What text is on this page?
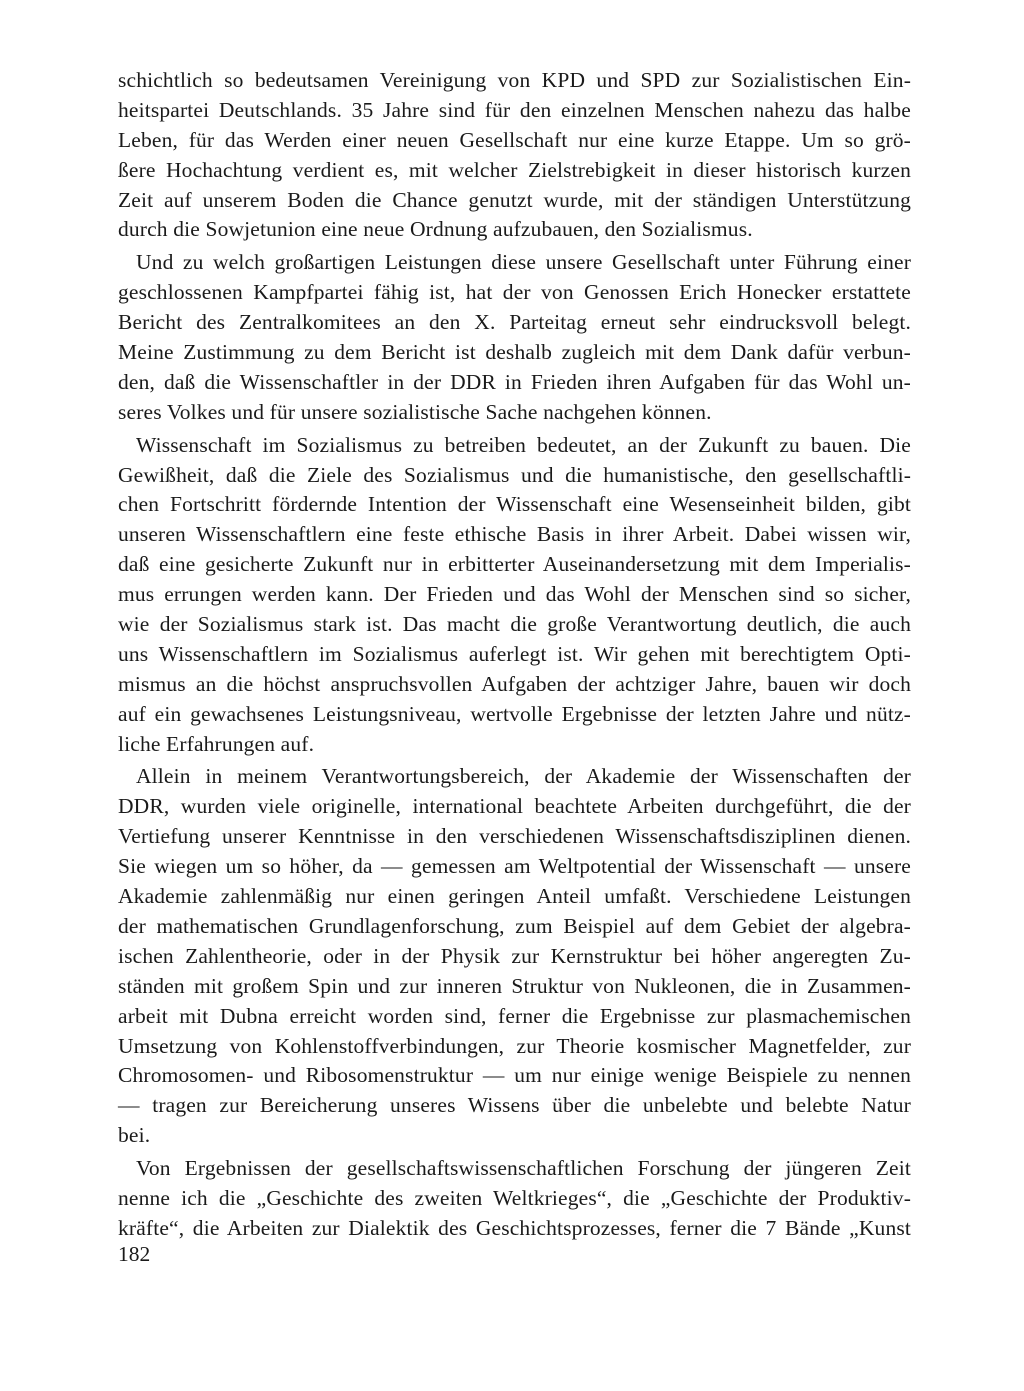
schichtlich so bedeutsamen Vereinigung von KPD und SPD zur Sozialistischen Ein-
heitspartei Deutschlands. 35 Jahre sind für den einzelnen Menschen nahezu das halbe
Leben, für das Werden einer neuen Gesellschaft nur eine kurze Etappe. Um so grö-
ßere Hochachtung verdient es, mit welcher Zielstrebigkeit in dieser historisch kurzen
Zeit auf unserem Boden die Chance genutzt wurde, mit der ständigen Unterstützung
durch die Sowjetunion eine neue Ordnung aufzubauen, den Sozialismus.
Und zu welch großartigen Leistungen diese unsere Gesellschaft unter Führung einer
geschlossenen Kampfpartei fähig ist, hat der von Genossen Erich Honecker erstattete
Bericht des Zentralkomitees an den X. Parteitag erneut sehr eindrucksvoll belegt.
Meine Zustimmung zu dem Bericht ist deshalb zugleich mit dem Dank dafür verbun-
den, daß die Wissenschaftler in der DDR in Frieden ihren Aufgaben für das Wohl un-
seres Volkes und für unsere sozialistische Sache nachgehen können.
Wissenschaft im Sozialismus zu betreiben bedeutet, an der Zukunft zu bauen. Die
Gewißheit, daß die Ziele des Sozialismus und die humanistische, den gesellschaftli-
chen Fortschritt fördernde Intention der Wissenschaft eine Wesenseinheit bilden, gibt
unseren Wissenschaftlern eine feste ethische Basis in ihrer Arbeit. Dabei wissen wir,
daß eine gesicherte Zukunft nur in erbitterter Auseinandersetzung mit dem Imperialis-
mus errungen werden kann. Der Frieden und das Wohl der Menschen sind so sicher,
wie der Sozialismus stark ist. Das macht die große Verantwortung deutlich, die auch
uns Wissenschaftlern im Sozialismus auferlegt ist. Wir gehen mit berechtigtem Opti-
mismus an die höchst anspruchsvollen Aufgaben der achtziger Jahre, bauen wir doch
auf ein gewachsenes Leistungsniveau, wertvolle Ergebnisse der letzten Jahre und nütz-
liche Erfahrungen auf.
Allein in meinem Verantwortungsbereich, der Akademie der Wissenschaften der
DDR, wurden viele originelle, international beachtete Arbeiten durchgeführt, die der
Vertiefung unserer Kenntnisse in den verschiedenen Wissenschaftsdisziplinen dienen.
Sie wiegen um so höher, da — gemessen am Weltpotential der Wissenschaft — unsere
Akademie zahlenmäßig nur einen geringen Anteil umfaßt. Verschiedene Leistungen
der mathematischen Grundlagenforschung, zum Beispiel auf dem Gebiet der algebra-
ischen Zahlentheorie, oder in der Physik zur Kernstruktur bei höher angeregten Zu-
ständen mit großem Spin und zur inneren Struktur von Nukleonen, die in Zusammen-
arbeit mit Dubna erreicht worden sind, ferner die Ergebnisse zur plasmachemischen
Umsetzung von Kohlenstoffverbindungen, zur Theorie kosmischer Magnetfelder, zur
Chromosomen- und Ribosomenstruktur — um nur einige wenige Beispiele zu nennen
— tragen zur Bereicherung unseres Wissens über die unbelebte und belebte Natur
bei.
Von Ergebnissen der gesellschaftswissenschaftlichen Forschung der jüngeren Zeit
nenne ich die „Geschichte des zweiten Weltkrieges“, die „Geschichte der Produktiv-
kräfte“, die Arbeiten zur Dialektik des Geschichtsprozesses, ferner die 7 Bände „Kunst
182
